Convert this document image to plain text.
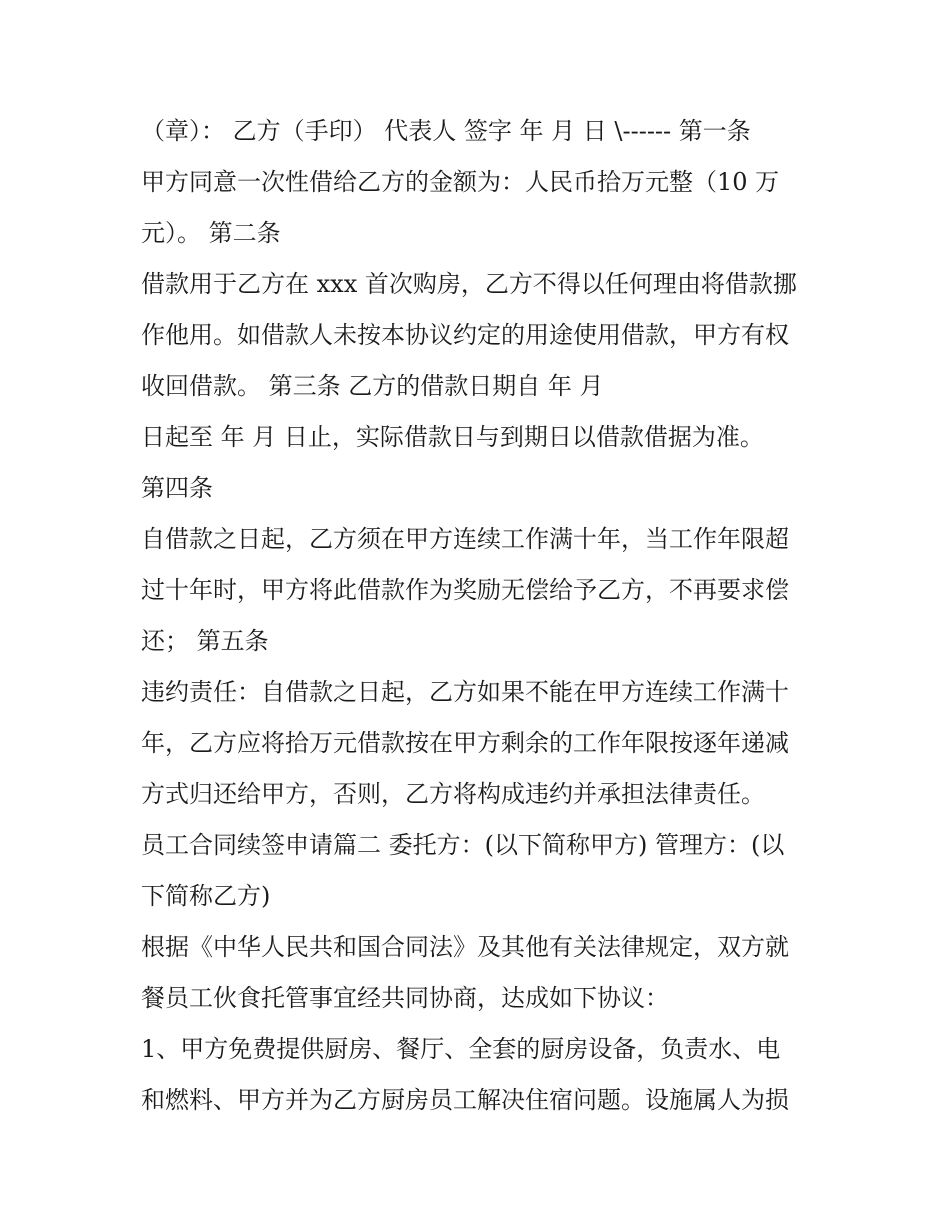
（章）： 乙方（手印） 代表人 签字 年 月 日 \------ 第一条
甲方同意一次性借给乙方的金额为：人民币拾万元整（10 万
元）。 第二条
借款用于乙方在 xxx 首次购房，乙方不得以任何理由将借款挪
作他用。如借款人未按本协议约定的用途使用借款，甲方有权
收回借款。 第三条 乙方的借款日期自 年 月
日起至 年 月 日止，实际借款日与到期日以借款借据为准。
第四条
自借款之日起，乙方须在甲方连续工作满十年，当工作年限超
过十年时，甲方将此借款作为奖励无偿给予乙方，不再要求偿
还； 第五条
违约责任：自借款之日起，乙方如果不能在甲方连续工作满十
年，乙方应将拾万元借款按在甲方剩余的工作年限按逐年递减
方式归还给甲方，否则，乙方将构成违约并承担法律责任。
员工合同续签申请篇二 委托方：(以下简称甲方) 管理方：(以
下简称乙方)
根据《中华人民共和国合同法》及其他有关法律规定，双方就
餐员工伙食托管事宜经共同协商，达成如下协议：
1、甲方免费提供厨房、餐厅、全套的厨房设备，负责水、电
和燃料、甲方并为乙方厨房员工解决住宿问题。设施属人为损
